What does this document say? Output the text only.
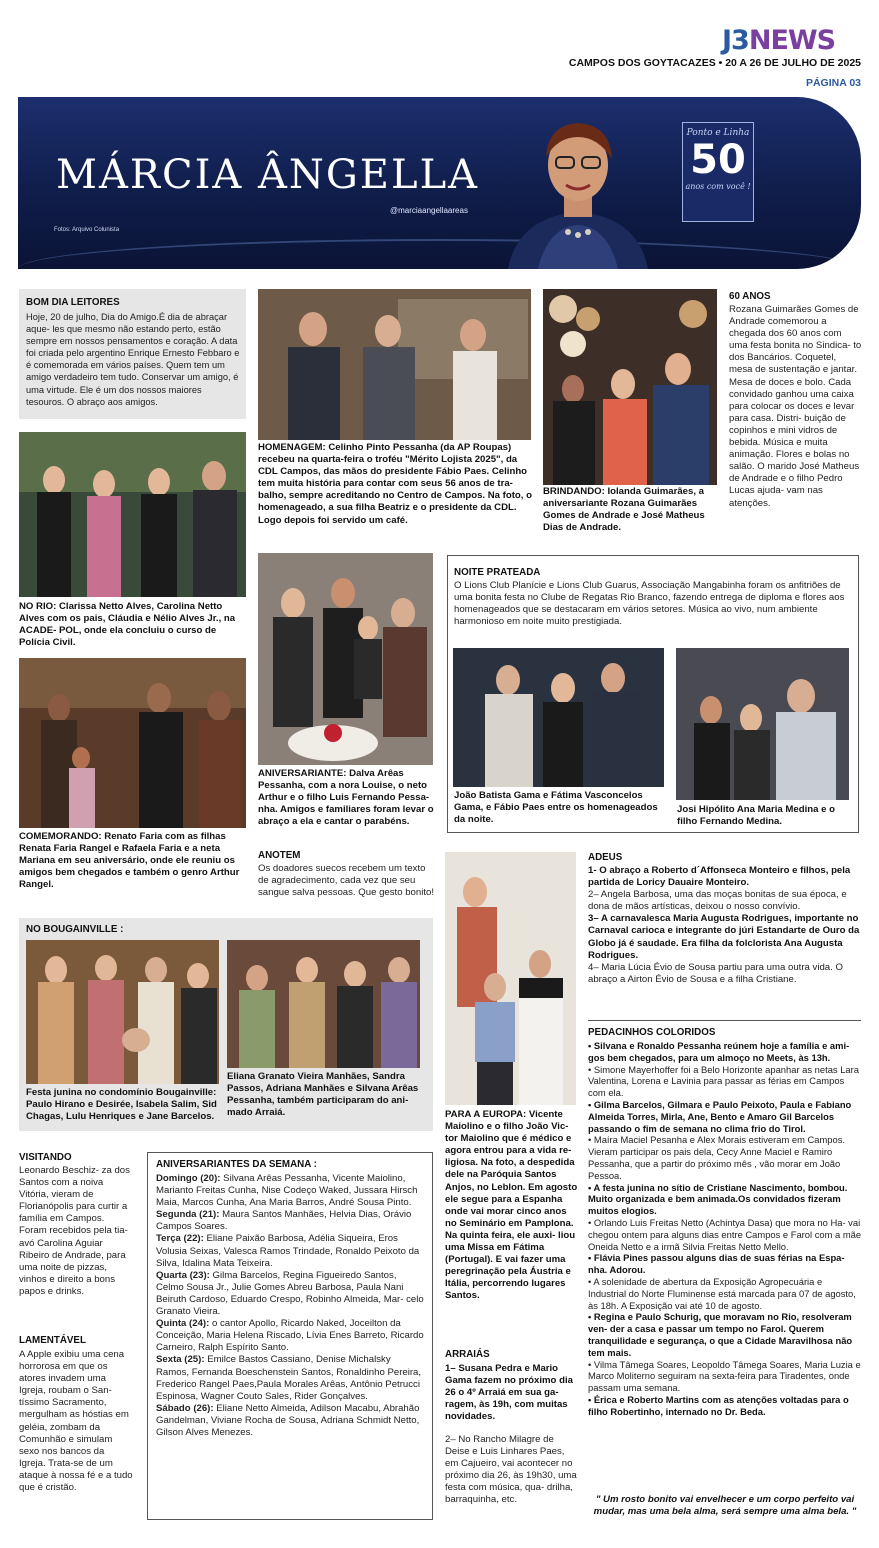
J3NEWS
CAMPOS DOS GOYTACAZES • 20 A 26 DE JULHO DE 2025
PÁGINA 03
MÁRCIA ÂNGELLA
@marciaangellaareas
Fotos: Arquivo Colunista
Ponto e Linha
50
anos com você !
BOM DIA LEITORES
Hoje, 20 de julho, Dia do Amigo.É dia de abraçar aque- les que mesmo não estando perto, estão sempre em nossos pensamentos e coração. A data foi criada pelo argentino Enrique Ernesto Febbaro e é comemorada em vários países. Quem tem um amigo verdadeiro tem tudo. Conservar um amigo, é uma virtude. Ele é um dos nossos maiores tesouros. O abraço aos amigos.
HOMENAGEM: Celinho Pinto Pessanha (da AP Roupas) recebeu na quarta-feira o troféu "Mérito Lojista 2025", da CDL Campos, das mãos do presidente Fábio Paes. Celinho tem muita história para contar com seus 56 anos de tra- balho, sempre acreditando no Centro de Campos. Na foto, o homenageado, a sua filha Beatriz e o presidente da CDL. Logo depois foi servido um café.
BRINDANDO: Iolanda Guimarães, a aniversariante Rozana Guimarães Gomes de Andrade e José Matheus Dias de Andrade.
60 ANOS
Rozana Guimarães Gomes de Andrade comemorou a chegada dos 60 anos com uma festa bonita no Sindica- to dos Bancários. Coquetel, mesa de sustentação e jantar. Mesa de doces e bolo. Cada convidado ganhou uma caixa para colocar os doces e levar para casa. Distri- buição de copinhos e mini vidros de bebida. Música e muita animação. Flores e bolas no salão. O marido José Matheus de Andrade e o filho Pedro Lucas ajuda- vam nas atenções.
NO RIO: Clarissa Netto Alves, Carolina Netto Alves com os pais, Cláudia e Nélio Alves Jr., na ACADE- POL, onde ela concluiu o curso de Polícia Civil.
ANIVERSARIANTE: Dalva Arêas Pessanha, com a nora Louise, o neto Arthur e o filho Luis Fernando Pessa- nha. Amigos e familiares foram levar o abraço a ela e cantar o parabéns.
NOITE PRATEADA
O Lions Club Planície e Lions Club Guarus, Associação Mangabinha foram os anfitriões de uma bonita festa no Clube de Regatas Rio Branco, fazendo entrega de diploma e flores aos homenageados que se destacaram em vários setores. Música ao vivo, num ambiente harmonioso em noite muito prestigiada.
João Batista Gama e Fátima Vasconcelos Gama, e Fábio Paes entre os homenageados da noite.
Josi Hipólito Ana Maria Medina e o filho Fernando Medina.
COMEMORANDO: Renato Faria com as filhas Renata Faria Rangel e Rafaela Faria e a neta Mariana em seu aniversário, onde ele reuniu os amigos bem chegados e também o genro Arthur Rangel.
ANOTEM
Os doadores suecos recebem um texto de agradecimento, cada vez que seu sangue salva pessoas. Que gesto bonito!
NO BOUGAINVILLE :
Festa junina no condomínio Bougainville: Paulo Hirano e Desirée, Isabela Salim, Sid Chagas, Lulu Henriques e Jane Barcelos.
Eliana Granato Vieira Manhães, Sandra Passos, Adriana Manhães e Silvana Arêas Pessanha, também participaram do ani- mado Arraiá.	PARA A EUROPA: Vicente Maiolino e o filho João Vic- tor Maiolino que é médico e agora entrou para a vida re- ligiosa. Na foto, a despedida dele na Paróquia Santos Anjos, no Leblon. Em agosto ele segue para a Espanha onde vai morar cinco anos no Seminário em Pamplona. Na quinta feira, ele auxi- liou uma Missa em Fátima (Portugal). E vai fazer uma peregrinação pela Áustria e Itália, percorrendo lugares Santos.
ARRAIÁS
1– Susana Pedra e Mario Gama fazem no próximo dia 26 o 4º Arraiá em sua ga- ragem, às 19h, com muitas novidades.
2– No Rancho Milagre de Deise e Luis Linhares Paes, em Cajueiro, vai acontecer no próximo dia 26, às 19h30, uma festa com música, qua- drilha, barraquinha, etc.
ADEUS
1- O abraço a Roberto d´Affonseca Monteiro e filhos, pela partida de Loricy Dauaire Monteiro.
2– Angela Barbosa, uma das moças bonitas de sua época, e dona de mãos artísticas, deixou o nosso convívio.
3– A carnavalesca Maria Augusta Rodrigues, importante no Carnaval carioca e integrante do júri Estandarte de Ouro da Globo já é saudade. Era filha da folclorista Ana Augusta Rodrigues.
4– Maria Lúcia Évio de Sousa partiu para uma outra vida. O abraço a Airton Évio de Sousa e a filha Cristiane.
PEDACINHOS COLORIDOS
• Silvana e Ronaldo Pessanha reúnem hoje a família e ami- gos bem chegados, para um almoço no Meets, às 13h.
• Simone Mayerhoffer foi a Belo Horizonte apanhar as netas Lara Valentina, Lorena e Lavinia para passar as férias em Campos com ela.
• Gilma Barcelos, Gilmara e Paulo Peixoto, Paula e Fabiano Almeida Torres, Mirla, Ane, Bento e Amaro Gil Barcelos passando o fim de semana no clima frio do Tirol.
• Maíra Maciel Pesanha e Alex Morais estiveram em Campos. Vieram participar os pais dela, Cecy Anne Maciel e Ramiro Pessanha, que a partir do próximo mês , vão morar em João Pessoa.
• A festa junina no sítio de Cristiane Nascimento, bombou. Muito organizada e bem animada.Os convidados fizeram muitos elogios.
• Orlando Luis Freitas Netto (Achintya Dasa) que mora no Ha- vai chegou ontem para alguns dias entre Campos e Farol com a mãe Oneida Netto e a irmã Silvia Freitas Netto Mello.
• Flávia Pines passou alguns dias de suas férias na Espa- nha. Adorou.
• A solenidade de abertura da Exposição Agropecuária e Industrial do Norte Fluminense está marcada para 07 de agosto, às 18h. A Exposição vai até 10 de agosto.
• Regina e Paulo Schurig, que moravam no Rio, resolveram ven- der a casa e passar um tempo no Farol. Querem tranquilidade e segurança, o que a Cidade Maravilhosa não tem mais.
• Vilma Tâmega Soares, Leopoldo Tâmega Soares, Maria Luzia e Marco Moliterno seguiram na sexta-feira para Tiradentes, onde passam uma semana.
• Érica e Roberto Martins com as atenções voltadas para o filho Robertinho, internado no Dr. Beda.
" Um rosto bonito vai envelhecer e um corpo perfeito vai mudar, mas uma bela alma, será sempre uma alma bela. "
VISITANDO
Leonardo Beschiz- za dos Santos com a noiva Vitória, vieram de Florianópolis para curtir a família em Campos. Foram recebidos pela tia-avó Carolina Aguiar Ribeiro de Andrade, para uma noite de pizzas, vinhos e direito a bons papos e drinks.
LAMENTÁVEL
A Apple exibiu uma cena horrorosa em que os atores invadem uma Igreja, roubam o San- tíssimo Sacramento, mergulham as hóstias em geléia, zombam da Comunhão e simulam sexo nos bancos da Igreja. Trata-se de um ataque à nossa fé e a tudo que é cristão.
ANIVERSARIANTES DA SEMANA :
Domingo (20): Silvana Arêas Pessanha, Vicente Maiolino, Marianto Freitas Cunha, Nise Codeço Waked, Jussara Hirsch Maia, Marcos Cunha, Ana Maria Barros, André Sousa Pinto.
Segunda (21): Maura Santos Manhães, Helvia Dias, Orávio Campos Soares.
Terça (22): Eliane Paixão Barbosa, Adélia Siqueira, Eros Volusia Seixas, Valesca Ramos Trindade, Ronaldo Peixoto da Silva, Idalina Mata Teixeira.
Quarta (23): Gilma Barcelos, Regina Figueiredo Santos, Celmo Sousa Jr., Julie Gomes Abreu Barbosa, Paula Nani Beiruth Cardoso, Eduardo Crespo, Robinho Almeida, Mar- celo Granato Vieira.
Quinta (24): o cantor Apollo, Ricardo Naked, Joceilton da Conceição, Maria Helena Riscado, Lívia Enes Barreto, Ricardo Carneiro, Ralph Espírito Santo.
Sexta (25): Emilce Bastos Cassiano, Denise Michalsky Ramos, Fernanda Boeschenstein Santos, Ronaldinho Pereira, Frederico Rangel Paes,Paula Morales Arêas, Antônio Petrucci Espinosa, Wagner Couto Sales, Rider Gonçalves.
Sábado (26): Eliane Netto Almeida, Adilson Macabu, Abrahão Gandelman, Viviane Rocha de Sousa, Adriana Schmidt Netto, Gilson Alves Menezes.
